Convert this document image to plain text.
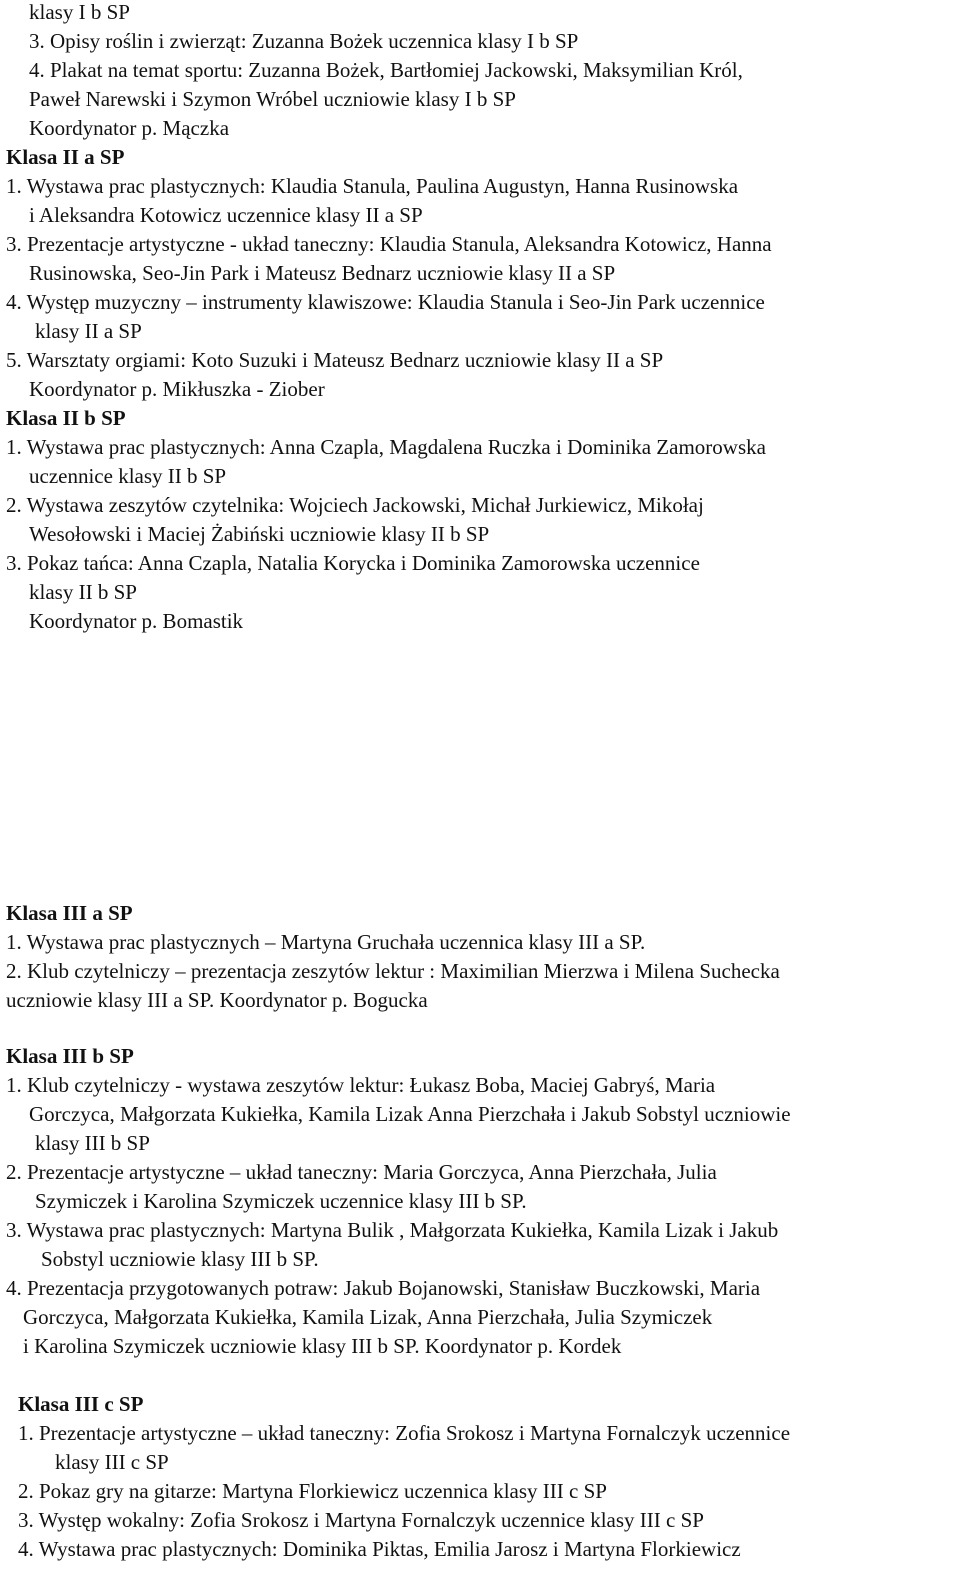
klasy I b SP
3. Opisy roślin i zwierząt: Zuzanna Bożek uczennica klasy I b SP
4. Plakat na temat sportu: Zuzanna Bożek, Bartłomiej Jackowski, Maksymilian Król,
Paweł Narewski i Szymon Wróbel uczniowie klasy I b SP
Koordynator p. Mączka
Klasa II a SP
1. Wystawa prac plastycznych: Klaudia Stanula, Paulina Augustyn, Hanna Rusinowska
i Aleksandra Kotowicz uczennice klasy II a SP
3. Prezentacje artystyczne - układ taneczny: Klaudia Stanula, Aleksandra Kotowicz, Hanna
Rusinowska, Seo-Jin Park i Mateusz Bednarz uczniowie klasy II a SP
4. Występ muzyczny – instrumenty klawiszowe: Klaudia Stanula i Seo-Jin Park uczennice
klasy II a SP
5. Warsztaty orgiami: Koto Suzuki i Mateusz Bednarz uczniowie klasy II a SP
Koordynator p. Mikłuszka - Ziober
Klasa II b SP
1. Wystawa prac plastycznych: Anna Czapla, Magdalena Ruczka i Dominika Zamorowska
uczennice klasy II b SP
2. Wystawa zeszytów czytelnika: Wojciech Jackowski, Michał Jurkiewicz, Mikołaj
Wesołowski i Maciej Żabiński uczniowie klasy II b SP
3. Pokaz tańca: Anna Czapla, Natalia Korycka i Dominika Zamorowska uczennice
klasy II b SP
Koordynator p. Bomastik
Klasa III a SP
1. Wystawa prac plastycznych – Martyna Gruchała uczennica klasy III a SP.
2. Klub czytelniczy – prezentacja zeszytów lektur : Maximilian Mierzwa i Milena Suchecka
uczniowie klasy III a SP. Koordynator p. Bogucka
Klasa III b SP
1. Klub czytelniczy - wystawa zeszytów lektur: Łukasz Boba, Maciej Gabryś, Maria
Gorczyca, Małgorzata Kukiełka, Kamila Lizak Anna Pierzchała i Jakub Sobstyl uczniowie
klasy III b SP
2. Prezentacje artystyczne – układ taneczny: Maria Gorczyca, Anna Pierzchała, Julia
Szymiczek i Karolina Szymiczek uczennice klasy III b SP.
3. Wystawa prac plastycznych: Martyna Bulik , Małgorzata Kukiełka, Kamila Lizak i Jakub
Sobstyl uczniowie klasy III b SP.
4. Prezentacja przygotowanych potraw: Jakub Bojanowski, Stanisław Buczkowski, Maria
Gorczyca, Małgorzata Kukiełka, Kamila Lizak, Anna Pierzchała, Julia Szymiczek
i Karolina Szymiczek uczniowie klasy III b SP. Koordynator p. Kordek
Klasa III c SP
1. Prezentacje artystyczne – układ taneczny: Zofia Srokosz i Martyna Fornalczyk uczennice
klasy III c SP
2. Pokaz gry na gitarze: Martyna Florkiewicz uczennica klasy III c SP
3. Występ wokalny: Zofia Srokosz i Martyna Fornalczyk uczennice klasy III c SP
4. Wystawa prac plastycznych: Dominika Piktas, Emilia Jarosz i Martyna Florkiewicz
